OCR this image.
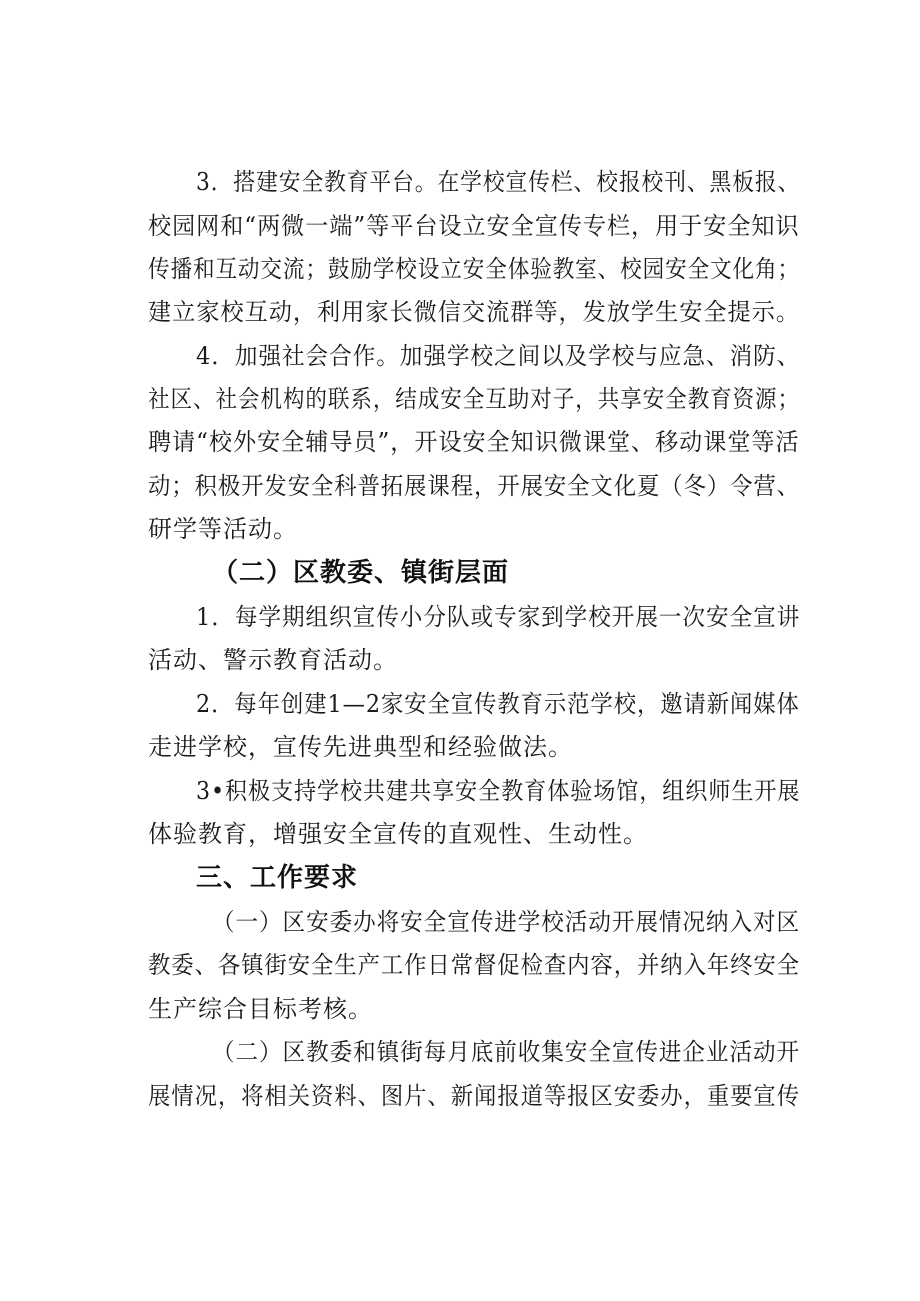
3．搭建安全教育平台。在学校宣传栏、校报校刊、黑板报、
校园网和“两微一端”等平台设立安全宣传专栏，用于安全知识
传播和互动交流；鼓励学校设立安全体验教室、校园安全文化角；
建立家校互动，利用家长微信交流群等，发放学生安全提示。
4．加强社会合作。加强学校之间以及学校与应急、消防、
社区、社会机构的联系，结成安全互助对子，共享安全教育资源；
聘请“校外安全辅导员”，开设安全知识微课堂、移动课堂等活
动；积极开发安全科普拓展课程，开展安全文化夏（冬）令营、
研学等活动。
（二）区教委、镇街层面
1．每学期组织宣传小分队或专家到学校开展一次安全宣讲
活动、警示教育活动。
2．每年创建1—2家安全宣传教育示范学校，邀请新闻媒体
走进学校，宣传先进典型和经验做法。
3•积极支持学校共建共享安全教育体验场馆，组织师生开展
体验教育，增强安全宣传的直观性、生动性。
三、工作要求
（一）区安委办将安全宣传进学校活动开展情况纳入对区
教委、各镇街安全生产工作日常督促检查内容，并纳入年终安全
生产综合目标考核。
（二）区教委和镇街每月底前收集安全宣传进企业活动开
展情况，将相关资料、图片、新闻报道等报区安委办，重要宣传
